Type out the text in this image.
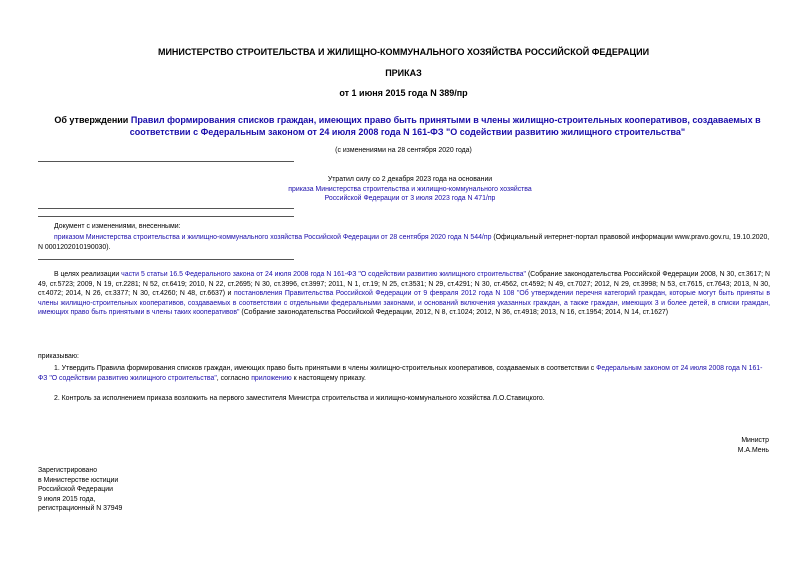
МИНИСТЕРСТВО СТРОИТЕЛЬСТВА И ЖИЛИЩНО-КОММУНАЛЬНОГО ХОЗЯЙСТВА РОССИЙСКОЙ ФЕДЕРАЦИИ
ПРИКАЗ
от 1 июня 2015 года N 389/пр
Об утверждении Правил формирования списков граждан, имеющих право быть принятыми в члены жилищно-строительных кооперативов, создаваемых в соответствии с Федеральным законом от 24 июля 2008 года N 161-ФЗ "О содействии развитию жилищного строительства"
(с изменениями на 28 сентября 2020 года)
Утратил силу со 2 декабря 2023 года на основании
приказа Министерства строительства и жилищно-коммунального хозяйства
Российской Федерации от 3 июля 2023 года N 471/пр
Документ с изменениями, внесенными:
приказом Министерства строительства и жилищно-коммунального хозяйства Российской Федерации от 28 сентября 2020 года N 544/пр (Официальный интернет-портал правовой информации www.pravo.gov.ru, 19.10.2020, N 0001202010190030).
В целях реализации части 5 статьи 16.5 Федерального закона от 24 июля 2008 года N 161-ФЗ "О содействии развитию жилищного строительства" (Собрание законодательства Российской Федерации 2008, N 30, ст.3617; N 49, ст.5723; 2009, N 19, ст.2281; N 52, ст.6419; 2010, N 22, ст.2695; N 30, ст.3996, ст.3997; 2011, N 1, ст.19; N 25, ст.3531; N 29, ст.4291; N 30, ст.4562, ст.4592; N 49, ст.7027; 2012, N 29, ст.3998; N 53, ст.7615, ст.7643; 2013, N 30, ст.4072; 2014, N 26, ст.3377; N 30, ст.4260; N 48, ст.6637) и постановления Правительства Российской Федерации от 9 февраля 2012 года N 108 "Об утверждении перечня категорий граждан, которые могут быть приняты в члены жилищно-строительных кооперативов, создаваемых в соответствии с отдельными федеральными законами, и оснований включения указанных граждан, а также граждан, имеющих 3 и более детей, в списки граждан, имеющих право быть принятыми в члены таких кооперативов" (Собрание законодательства Российской Федерации, 2012, N 8, ст.1024; 2012, N 36, ст.4918; 2013, N 16, ст.1954; 2014, N 14, ст.1627)
приказываю:
1. Утвердить Правила формирования списков граждан, имеющих право быть принятыми в члены жилищно-строительных кооперативов, создаваемых в соответствии с Федеральным законом от 24 июля 2008 года N 161-ФЗ "О содействии развитию жилищного строительства", согласно приложению к настоящему приказу.
2. Контроль за исполнением приказа возложить на первого заместителя Министра строительства и жилищно-коммунального хозяйства Л.О.Ставицкого.
Министр
М.А.Мень
Зарегистрировано
в Министерстве юстиции
Российской Федерации
9 июля 2015 года,
регистрационный N 37949
